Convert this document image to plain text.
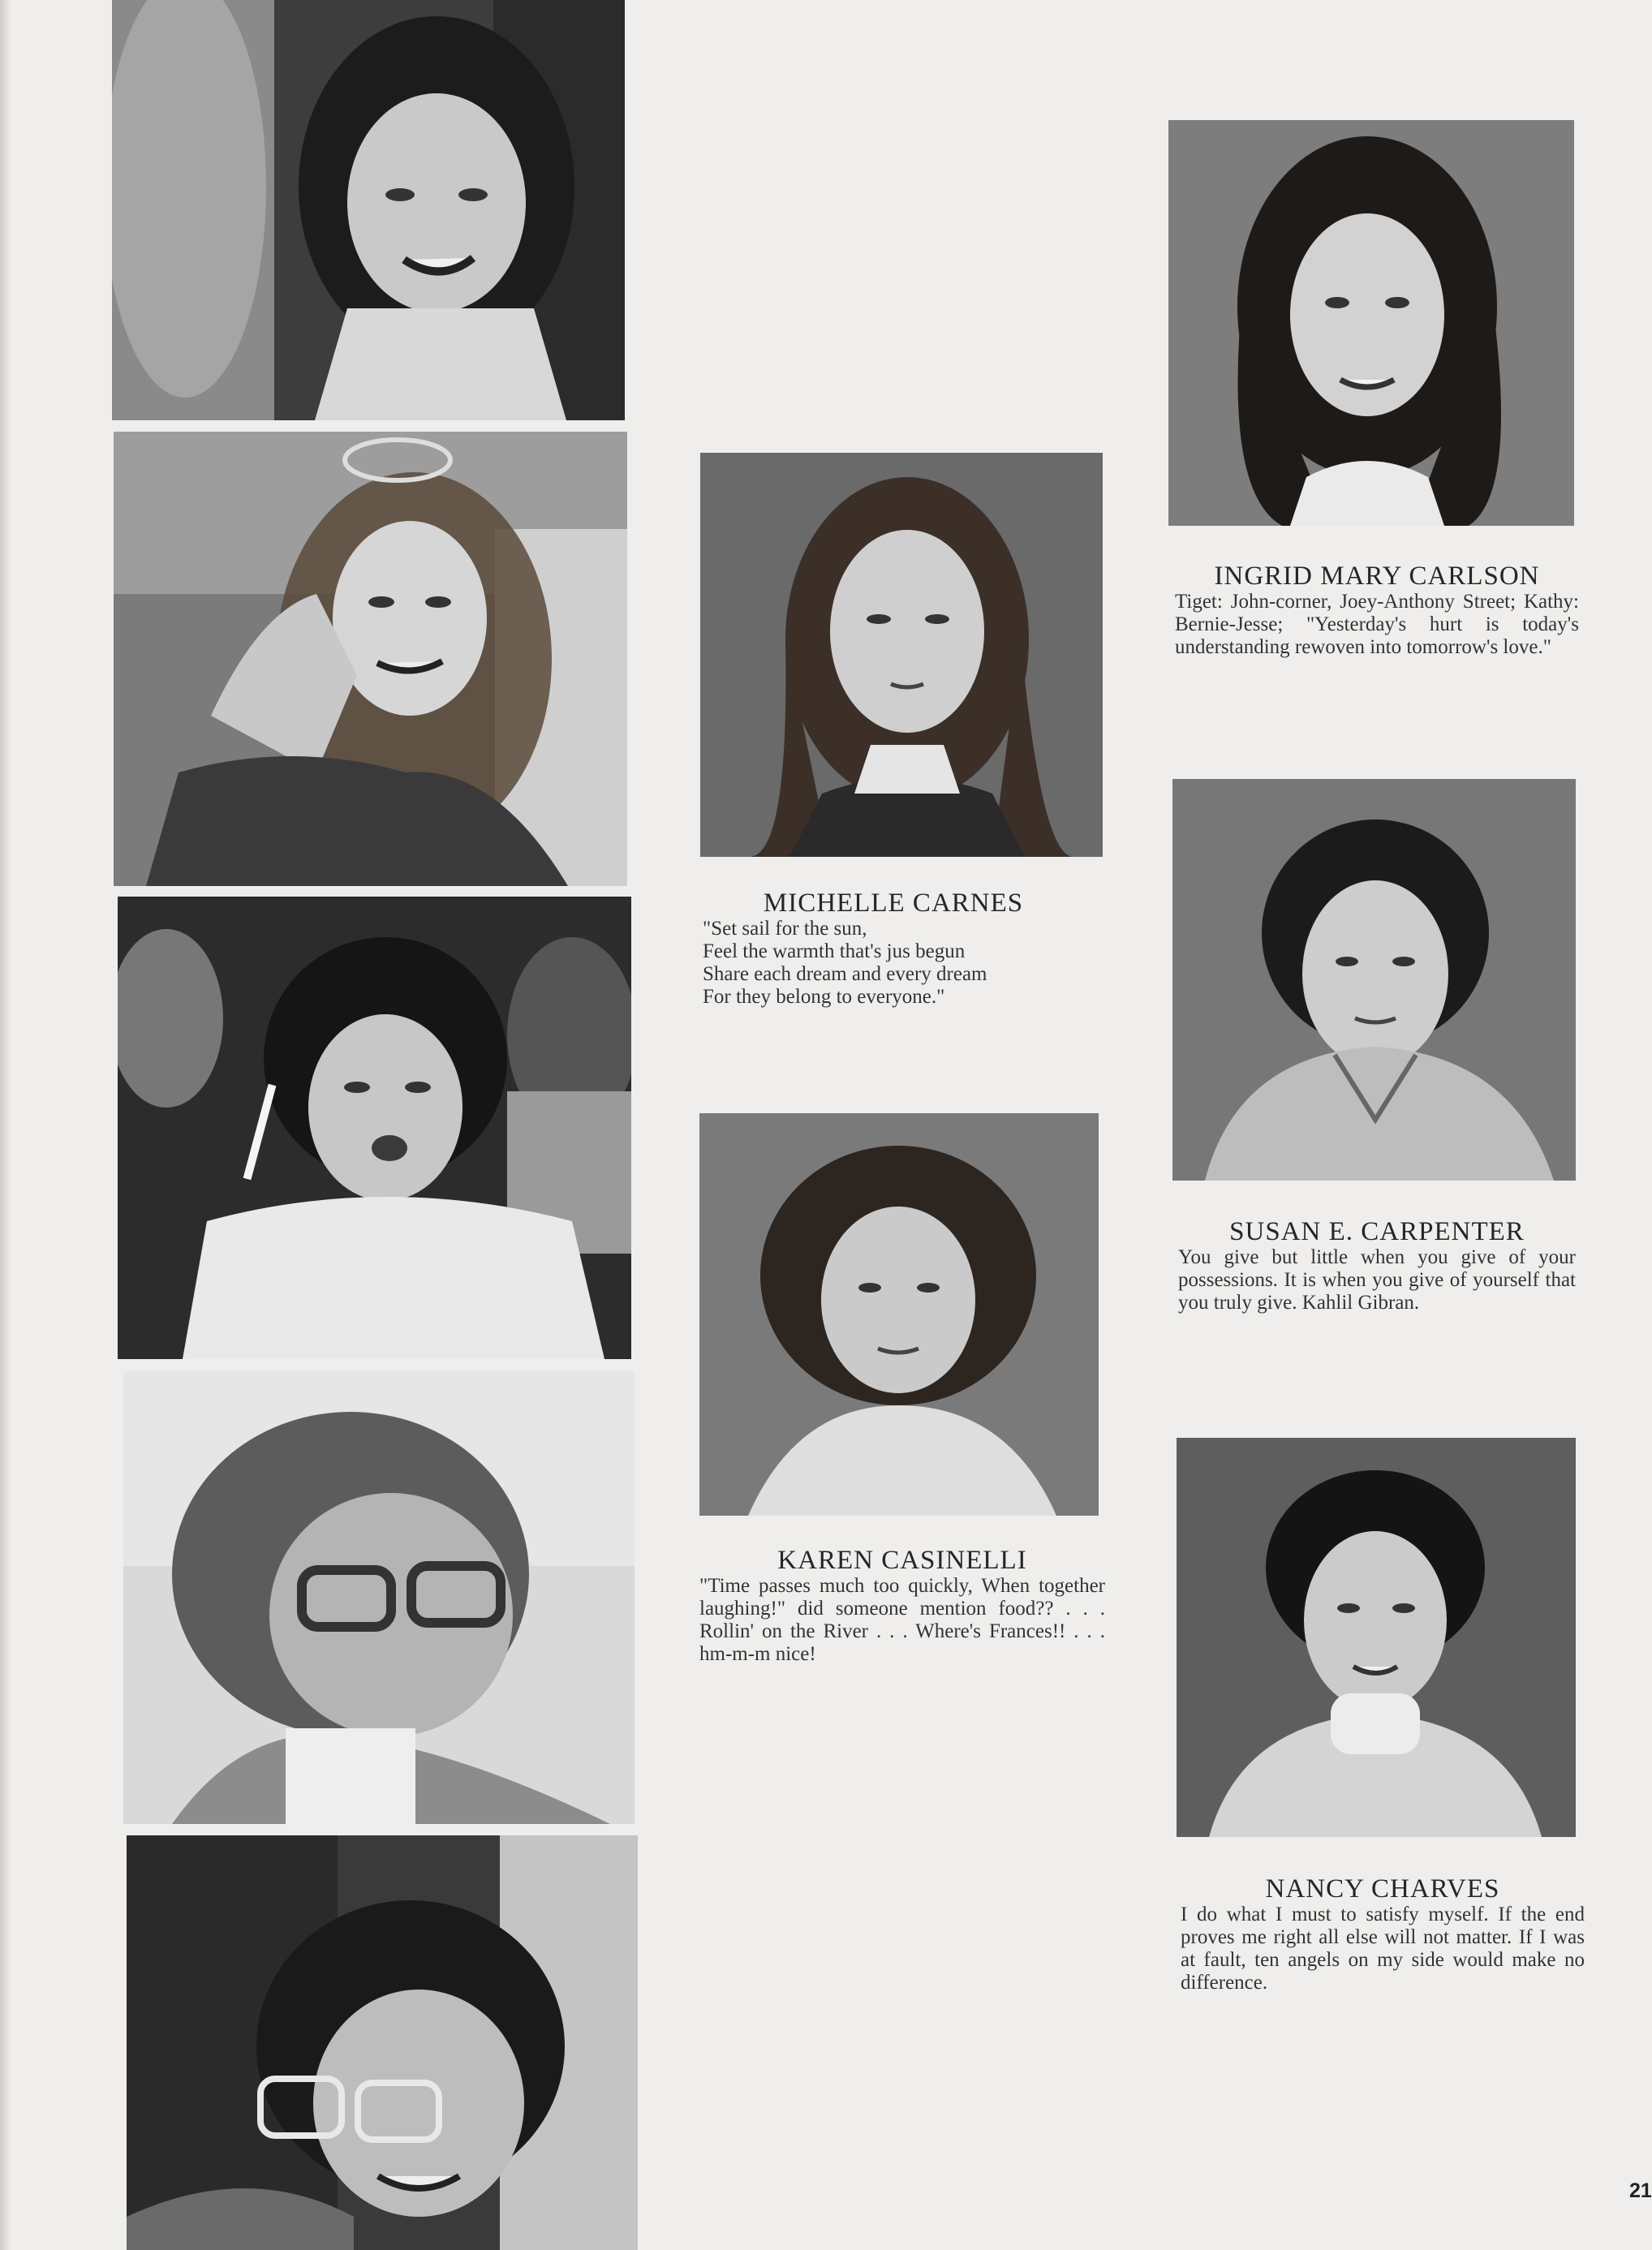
MICHELLE CARNES

"Set sail for the sun,
Feel the warmth that's jus begun
Share each dream and every dream
For they belong to everyone."

KAREN CASINELLI

"Time passes much too quickly, When together laughing!" did someone mention food?? . . . Rollin' on the River . . . Where's Frances!! . . . hm-m-m nice!

INGRID MARY CARLSON

Tiget: John-corner, Joey-Anthony Street; Kathy: Bernie-Jesse; "Yesterday's hurt is today's understanding rewoven into tomorrow's love."

SUSAN E. CARPENTER

You give but little when you give of your possessions. It is when you give of yourself that you truly give. Kahlil Gibran.

NANCY CHARVES

I do what I must to satisfy myself. If the end proves me right all else will not matter. If I was at fault, ten angels on my side would make no difference.

21
